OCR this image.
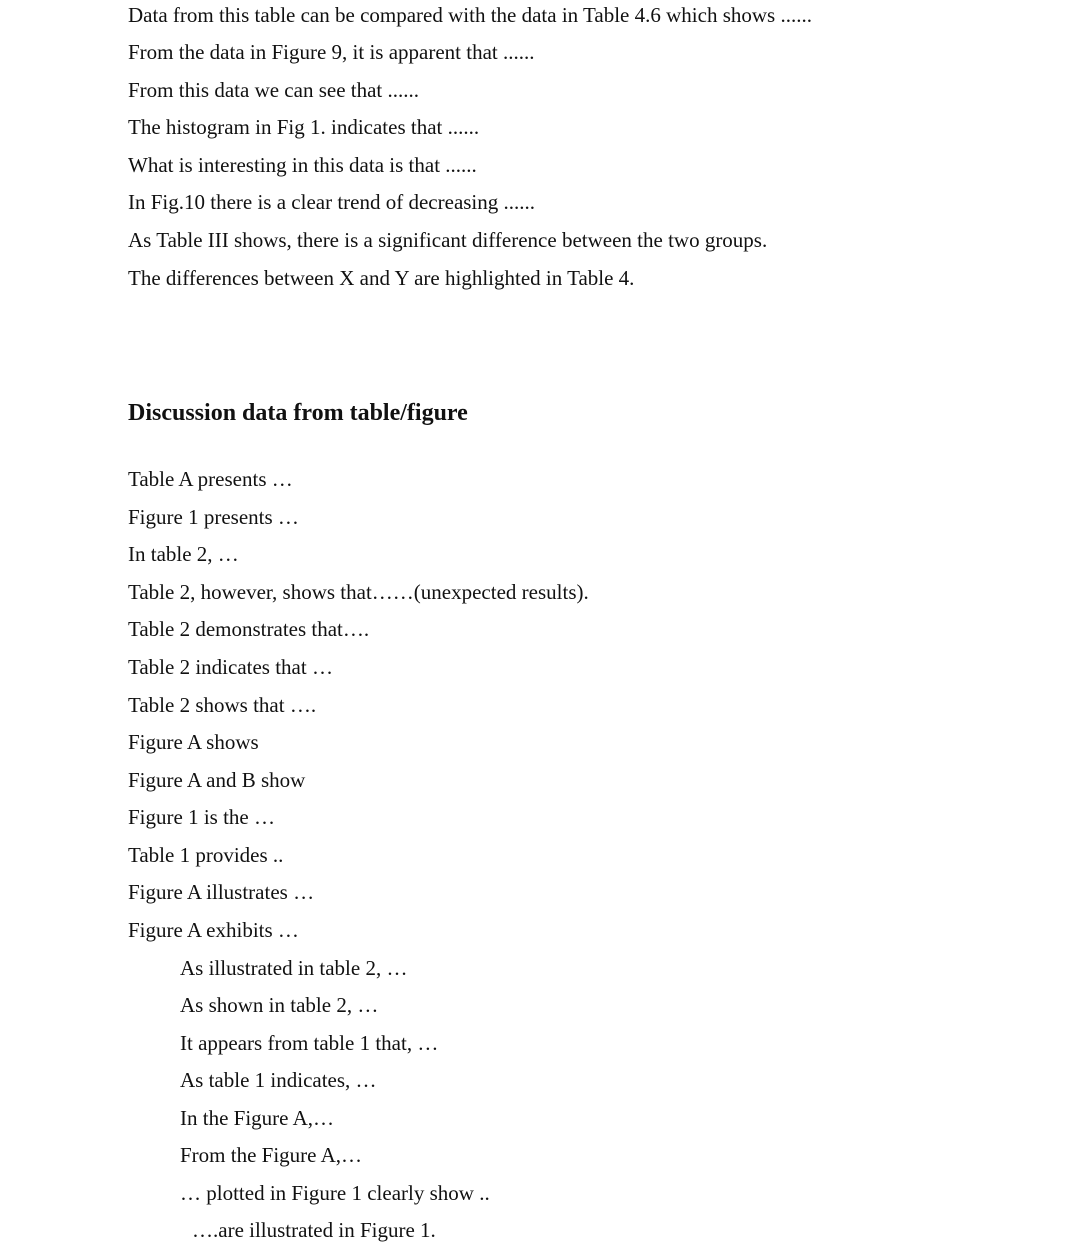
Data from this table can be compared with the data in Table 4.6 which shows ......

From the data in Figure 9, it is apparent that ......

From this data we can see that ......

The histogram in Fig 1. indicates that ......

What is interesting in this data is that ......

In Fig.10 there is a clear trend of decreasing ......

As Table III shows, there is a significant difference between the two groups.

The differences between X and Y are highlighted in Table 4.

Discussion data from table/figure

Table A presents …

Figure 1 presents …

In table 2, …

Table 2, however, shows that……(unexpected results).

Table 2 demonstrates that….

Table 2 indicates that …

Table 2 shows that ….

Figure A shows

Figure A and B show

Figure 1 is the …

Table 1 provides ..

Figure A illustrates …

Figure A exhibits …

As illustrated in table 2, …

As shown in table 2, …

It appears from table 1 that, …

As table 1 indicates, …

In the Figure A,…

From the Figure A,…

… plotted in Figure 1 clearly show ..

….are illustrated in Figure 1.
